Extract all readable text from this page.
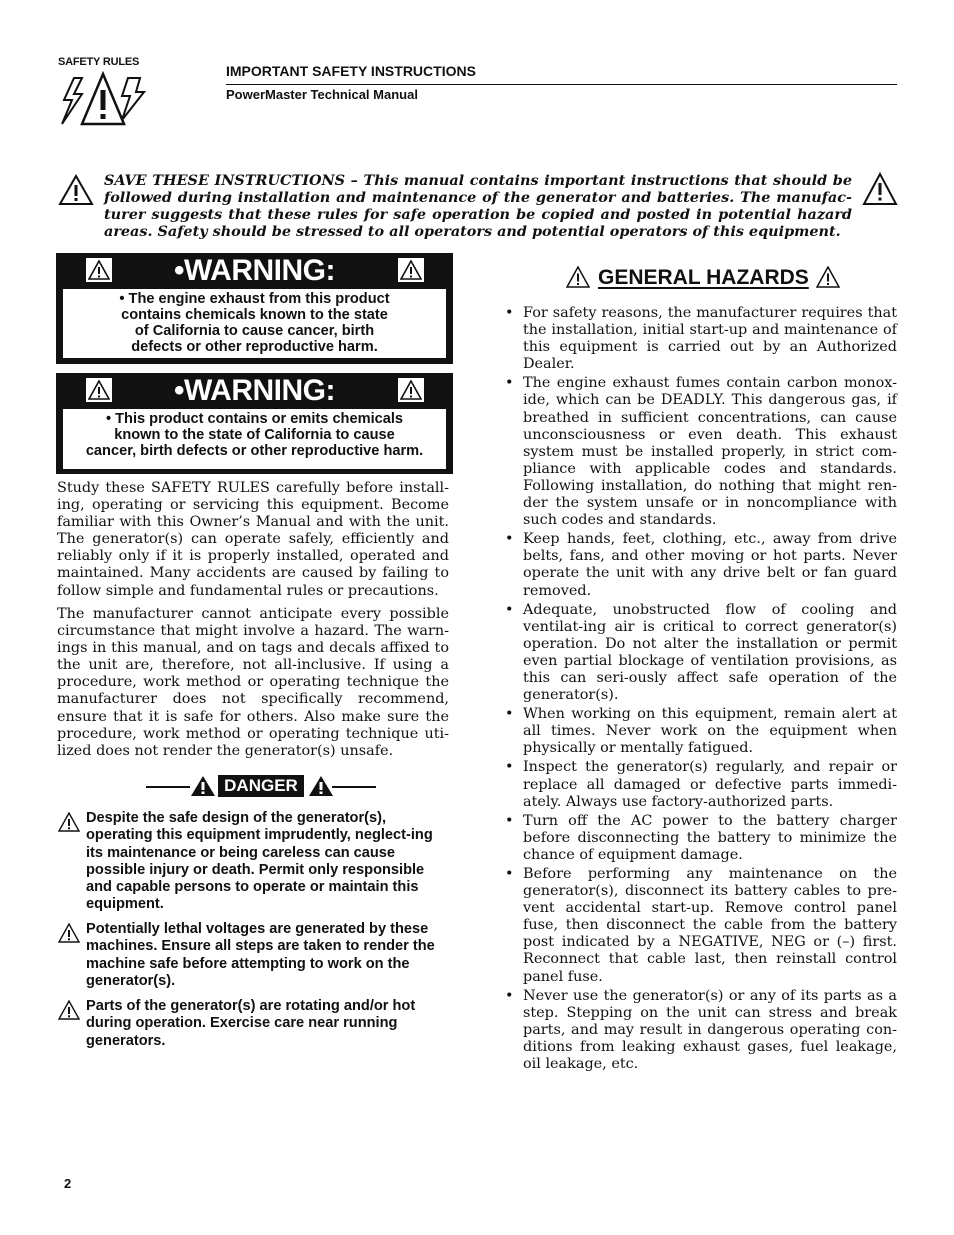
SAFETY RULES
IMPORTANT SAFETY INSTRUCTIONS
PowerMaster Technical Manual
SAVE THESE INSTRUCTIONS – This manual contains important instructions that should be followed during installation and maintenance of the generator and batteries. The manufac-turer suggests that these rules for safe operation be copied and posted in potential hazard areas. Safety should be stressed to all operators and potential operators of this equipment.
•WARNING:
• The engine exhaust from this product
contains chemicals known to the state
of California to cause cancer, birth
defects or other reproductive harm.
•WARNING:
• This product contains or emits chemicals
known to the state of California to cause
cancer, birth defects or other reproductive harm.
Study these SAFETY RULES carefully before install-ing, operating or servicing this equipment. Become familiar with this Owner’s Manual and with the unit. The generator(s) can operate safely, efficiently and reliably only if it is properly installed, operated and maintained. Many accidents are caused by failing to follow simple and fundamental rules or precautions.
The manufacturer cannot anticipate every possible circumstance that might involve a hazard. The warn-ings in this manual, and on tags and decals affixed to the unit are, therefore, not all-inclusive. If using a procedure, work method or operating technique the manufacturer does not specifically recommend, ensure that it is safe for others. Also make sure the procedure, work method or operating technique uti-lized does not render the generator(s) unsafe.
DANGER
Despite the safe design of the generator(s), operating this equipment imprudently, neglect-ing its maintenance or being careless can cause possible injury or death. Permit only responsible and capable persons to operate or maintain this equipment.
Potentially lethal voltages are generated by these machines. Ensure all steps are taken to render the machine safe before attempting to work on the generator(s).
Parts of the generator(s) are rotating and/or hot during operation. Exercise care near running generators.
GENERAL HAZARDS
• For safety reasons, the manufacturer requires that the installation, initial start-up and maintenance of this equipment is carried out by an Authorized Dealer.
• The engine exhaust fumes contain carbon monox-ide, which can be DEADLY. This dangerous gas, if breathed in sufficient concentrations, can cause unconsciousness or even death. This exhaust system must be installed properly, in strict com-pliance with applicable codes and standards. Following installation, do nothing that might ren-der the system unsafe or in noncompliance with such codes and standards.
• Keep hands, feet, clothing, etc., away from drive belts, fans, and other moving or hot parts. Never operate the unit with any drive belt or fan guard removed.
• Adequate, unobstructed flow of cooling and ventilat-ing air is critical to correct generator(s) operation. Do not alter the installation or permit even partial blockage of ventilation provisions, as this can seri-ously affect safe operation of the generator(s).
• When working on this equipment, remain alert at all times. Never work on the equipment when physically or mentally fatigued.
• Inspect the generator(s) regularly, and repair or replace all damaged or defective parts immedi-ately. Always use factory-authorized parts.
• Turn off the AC power to the battery charger before disconnecting the battery to minimize the chance of equipment damage.
• Before performing any maintenance on the generator(s), disconnect its battery cables to pre-vent accidental start-up. Remove control panel fuse, then disconnect the cable from the battery post indicated by a NEGATIVE, NEG or (–) first. Reconnect that cable last, then reinstall control panel fuse.
• Never use the generator(s) or any of its parts as a step. Stepping on the unit can stress and break parts, and may result in dangerous operating con-ditions from leaking exhaust gases, fuel leakage, oil leakage, etc.
2
